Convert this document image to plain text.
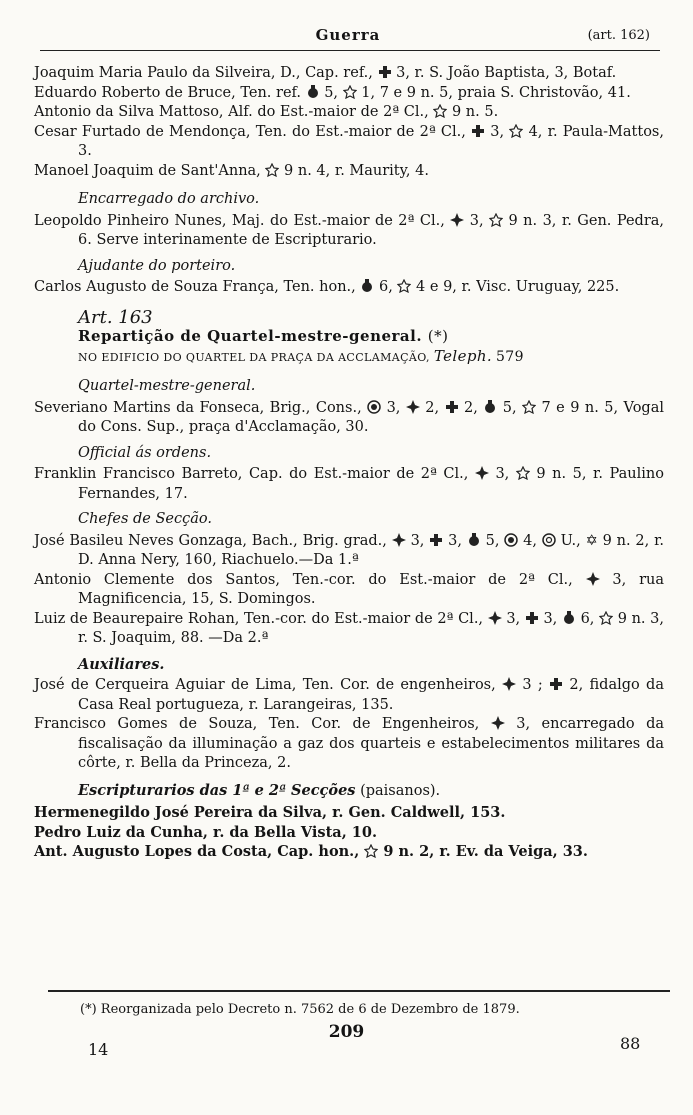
Guerra	(art. 162)

Joaquim Maria Paulo da Silveira, D., Cap. ref.,  3, r. S. João Baptista, 3, Botaf.

Eduardo Roberto de Bruce, Ten. ref.  5,  1, 7 e 9 n. 5, praia S. Christovão, 41.

Antonio da Silva Mattoso, Alf. do Est.-maior de 2ª Cl.,  9 n. 5.

Cesar Furtado de Mendonça, Ten. do Est.-maior de 2ª Cl.,  3,  4, r. Paula-Mattos, 3.

Manoel Joaquim de Sant'Anna,  9 n. 4, r. Maurity, 4.

Encarregado do archivo.

Leopoldo Pinheiro Nunes, Maj. do Est.-maior de 2ª Cl.,  3,  9 n. 3, r. Gen. Pedra, 6. Serve interinamente de Escripturario.

Ajudante do porteiro.

Carlos Augusto de Souza França, Ten. hon.,  6,  4 e 9, r. Visc. Uruguay, 225.

Art. 163
Repartição de Quartel-mestre-general. (*)
NO EDIFICIO DO QUARTEL DA PRAÇA DA ACCLAMAÇÃO, Teleph. 579
Quartel-mestre-general.

Severiano Martins da Fonseca, Brig., Cons.,  3,  2,  2,  5,  7 e 9 n. 5, Vogal do Cons. Sup., praça d'Acclamação, 30.

Official ás ordens.

Franklin Francisco Barreto, Cap. do Est.-maior de 2ª Cl.,  3,  9 n. 5, r. Paulino Fernandes, 17.

Chefes de Secção.

José Basileu Neves Gonzaga, Bach., Brig. grad.,  3,  3,  5,  4,  U., ✡ 9 n. 2, r. D. Anna Nery, 160, Riachuelo.—Da 1.ª

Antonio Clemente dos Santos, Ten.-cor. do Est.-maior de 2ª Cl.,  3, rua Magnificencia, 15, S. Domingos.

Luiz de Beaurepaire Rohan, Ten.-cor. do Est.-maior de 2ª Cl.,  3,  3,  6,  9 n. 3, r. S. Joaquim, 88. —Da 2.ª

Auxiliares.

José de Cerqueira Aguiar de Lima, Ten. Cor. de engenheiros,  3 ;  2, fidalgo da Casa Real portugueza, r. Larangeiras, 135.

Francisco Gomes de Souza, Ten. Cor. de Engenheiros,  3, encarregado da fiscalisação da illuminação a gaz dos quarteis e estabelecimentos militares da côrte, r. Bella da Princeza, 2.

Escripturarios das 1ª e 2ª Secções (paisanos).

Hermenegildo José Pereira da Silva, r. Gen. Caldwell, 153.

Pedro Luiz da Cunha, r. da Bella Vista, 10.

Ant. Augusto Lopes da Costa, Cap. hon.,  9 n. 2, r. Ev. da Veiga, 33.

(*) Reorganizada pelo Decreto n. 7562 de 6 de Dezembro de 1879.
209
14	88
